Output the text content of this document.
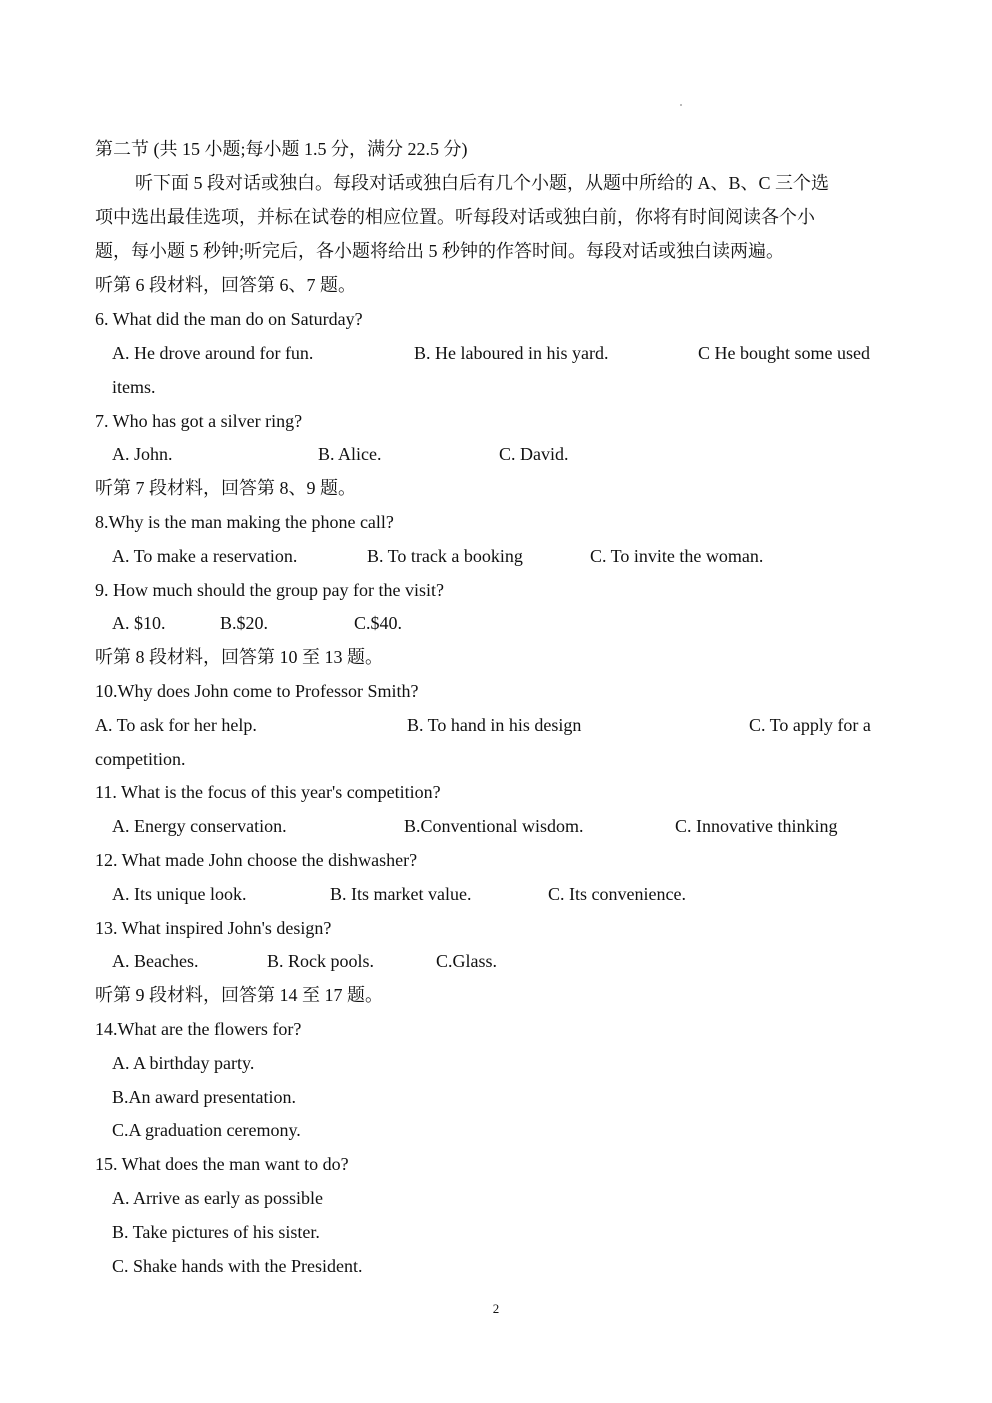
第二节 (共 15 小题;每小题 1.5 分，满分 22.5 分)
听下面 5 段对话或独白。每段对话或独白后有几个小题，从题中所给的 A、B、C 三个选
项中选出最佳选项，并标在试卷的相应位置。听每段对话或独白前，你将有时间阅读各个小
题，每小题 5 秒钟;听完后，各小题将给出 5 秒钟的作答时间。每段对话或独白读两遍。
听第 6 段材料，回答第 6、7 题。
6. What did the man do on Saturday?
A. He drove around for fun.	B. He laboured in his yard.	C He bought some used
items.
7. Who has got a silver ring?
A. John.	B. Alice.	C. David.
听第 7 段材料，回答第 8、9 题。
8.Why is the man making the phone call?
A. To make a reservation.	B. To track a booking	C. To invite the woman.
9. How much should the group pay for the visit?
A. $10.	B.$20.	C.$40.
听第 8 段材料，回答第 10 至 13 题。
10.Why does John come to Professor Smith?
A. To ask for her help.	B. To hand in his design	C. To apply for a
competition.
11. What is the focus of this year's competition?
A. Energy conservation.	B.Conventional wisdom.	C. Innovative thinking
12. What made John choose the dishwasher?
A. Its unique look.	B. Its market value.	C. Its convenience.
13. What inspired John's design?
A. Beaches.	B. Rock pools.	C.Glass.
听第 9 段材料，回答第 14 至 17 题。
14.What are the flowers for?
A. A birthday party.
B.An award presentation.
C.A graduation ceremony.
15. What does the man want to do?
A. Arrive as early as possible
B. Take pictures of his sister.
C. Shake hands with the President.
2
